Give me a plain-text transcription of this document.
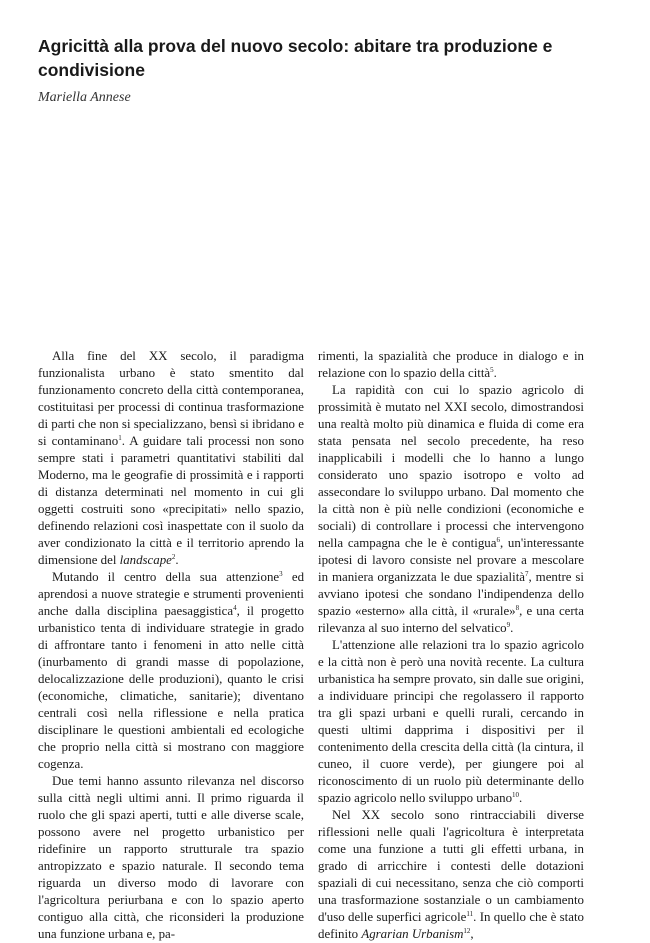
Agricittà alla prova del nuovo secolo: abitare tra produzione e condivisione

Mariella Annese

Alla fine del XX secolo, il paradigma funzionalista urbano è stato smentito dal funzionamento concreto della città contemporanea, costituitasi per processi di continua trasformazione di parti che non si specializzano, bensì si ibridano e si contaminano$^1$. A guidare tali processi non sono sempre stati i parametri quantitativi stabiliti dal Moderno, ma le geografie di prossimità e i rapporti di distanza determinati nel momento in cui gli oggetti costruiti sono «precipitati» nello spazio, definendo relazioni così inaspettate con il suolo da aver condizionato la città e il territorio aprendo la dimensione del landscape$^2$.

Mutando il centro della sua attenzione$^3$ ed aprendosi a nuove strategie e strumenti provenienti anche dalla disciplina paesaggistica$^4$, il progetto urbanistico tenta di individuare strategie in grado di affrontare tanto i fenomeni in atto nelle città (inurbamento di grandi masse di popolazione, delocalizzazione delle produzioni), quanto le crisi (economiche, climatiche, sanitarie); diventano centrali così nella riflessione e nella pratica disciplinare le questioni ambientali ed ecologiche che proprio nella città si mostrano con maggiore cogenza.

Due temi hanno assunto rilevanza nel discorso sulla città negli ultimi anni. Il primo riguarda il ruolo che gli spazi aperti, tutti e alle diverse scale, possono avere nel progetto urbanistico per ridefinire un rapporto strutturale tra spazio antropizzato e spazio naturale. Il secondo tema riguarda un diverso modo di lavorare con l'agricoltura periurbana e con lo spazio aperto contiguo alla città, che riconsideri la produzione una funzione urbana e, pa-

rimenti, la spazialità che produce in dialogo e in relazione con lo spazio della città$^5$.

La rapidità con cui lo spazio agricolo di prossimità è mutato nel XXI secolo, dimostrandosi una realtà molto più dinamica e fluida di come era stata pensata nel secolo precedente, ha reso inapplicabili i modelli che lo hanno a lungo considerato uno spazio isotropo e volto ad assecondare lo sviluppo urbano. Dal momento che la città non è più nelle condizioni (economiche e sociali) di controllare i processi che intervengono nella campagna che le è contigua$^6$, un'interessante ipotesi di lavoro consiste nel provare a mescolare in maniera organizzata le due spazialità$^7$, mentre si avviano ipotesi che sondano l'indipendenza dello spazio «esterno» alla città, il «rurale»$^8$, e una certa rilevanza al suo interno del selvatico$^9$.

L'attenzione alle relazioni tra lo spazio agricolo e la città non è però una novità recente. La cultura urbanistica ha sempre provato, sin dalle sue origini, a individuare principi che regolassero il rapporto tra gli spazi urbani e quelli rurali, cercando in questi ultimi dapprima i dispositivi per il contenimento della crescita della città (la cintura, il cuneo, il cuore verde), per giungere poi al riconoscimento di un ruolo più determinante dello spazio agricolo nello sviluppo urbano$^{10}$.

Nel XX secolo sono rintracciabili diverse riflessioni nelle quali l'agricoltura è interpretata come una funzione a tutti gli effetti urbana, in grado di arricchire i contesti delle dotazioni spaziali di cui necessitano, senza che ciò comporti una trasformazione sostanziale o un cambiamento d'uso delle superfici agricole$^{11}$. In quello che è stato definito Agrarian Urbanism$^{12}$,
